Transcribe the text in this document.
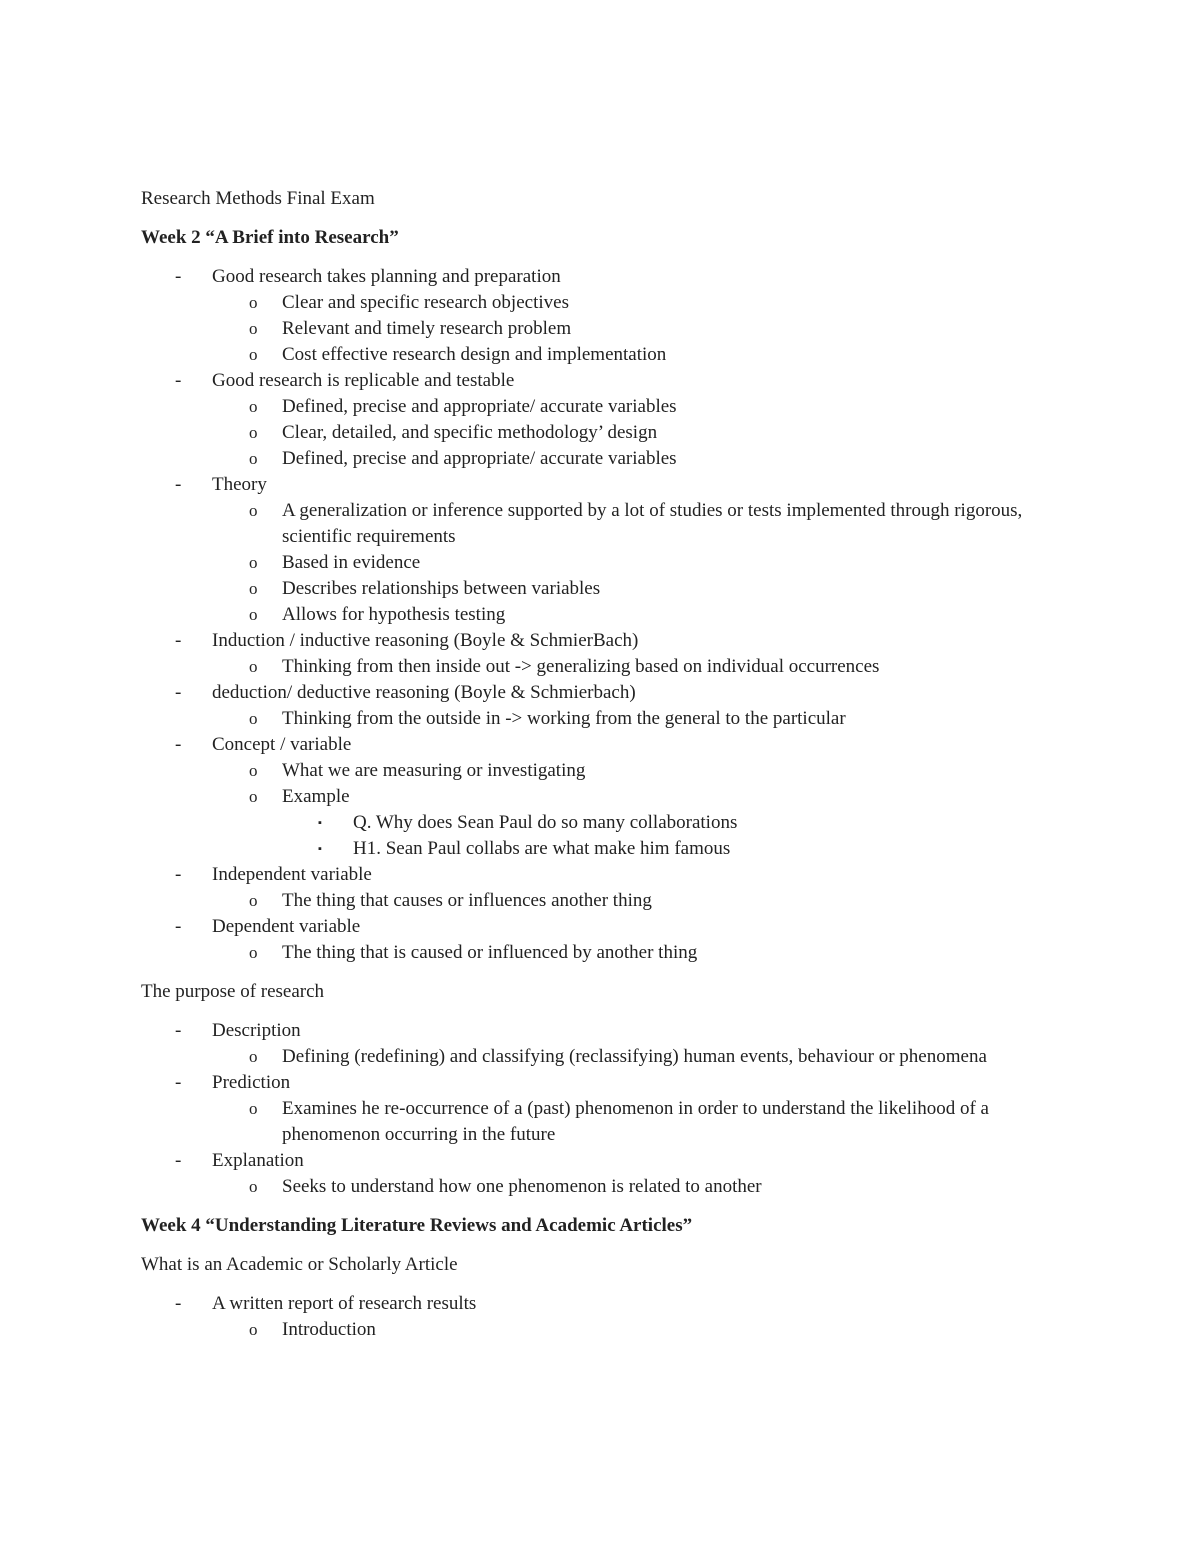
Research Methods Final Exam
Week 2 “A Brief into Research”
- Good research takes planning and preparation
o Clear and specific research objectives
o Relevant and timely research problem
o Cost effective research design and implementation
- Good research is replicable and testable
o Defined, precise and appropriate/ accurate variables
o Clear, detailed, and specific methodology’ design
o Defined, precise and appropriate/ accurate variables
- Theory
o A generalization or inference supported by a lot of studies or tests implemented through rigorous, scientific requirements
o Based in evidence
o Describes relationships between variables
o Allows for hypothesis testing
- Induction / inductive reasoning (Boyle & SchmierBach)
o Thinking from then inside out -> generalizing based on individual occurrences
- deduction/ deductive reasoning (Boyle & Schmierbach)
o Thinking from the outside in -> working from the general to the particular
- Concept / variable
o What we are measuring or investigating
o Example
▪ Q. Why does Sean Paul do so many collaborations
▪ H1. Sean Paul collabs are what make him famous
- Independent variable
o The thing that causes or influences another thing
- Dependent variable
o The thing that is caused or influenced by another thing
The purpose of research
- Description
o Defining (redefining) and classifying (reclassifying) human events, behaviour or phenomena
- Prediction
o Examines he re-occurrence of a (past) phenomenon in order to understand the likelihood of a phenomenon occurring in the future
- Explanation
o Seeks to understand how one phenomenon is related to another
Week 4 “Understanding Literature Reviews and Academic Articles”
What is an Academic or Scholarly Article
- A written report of research results
o Introduction
